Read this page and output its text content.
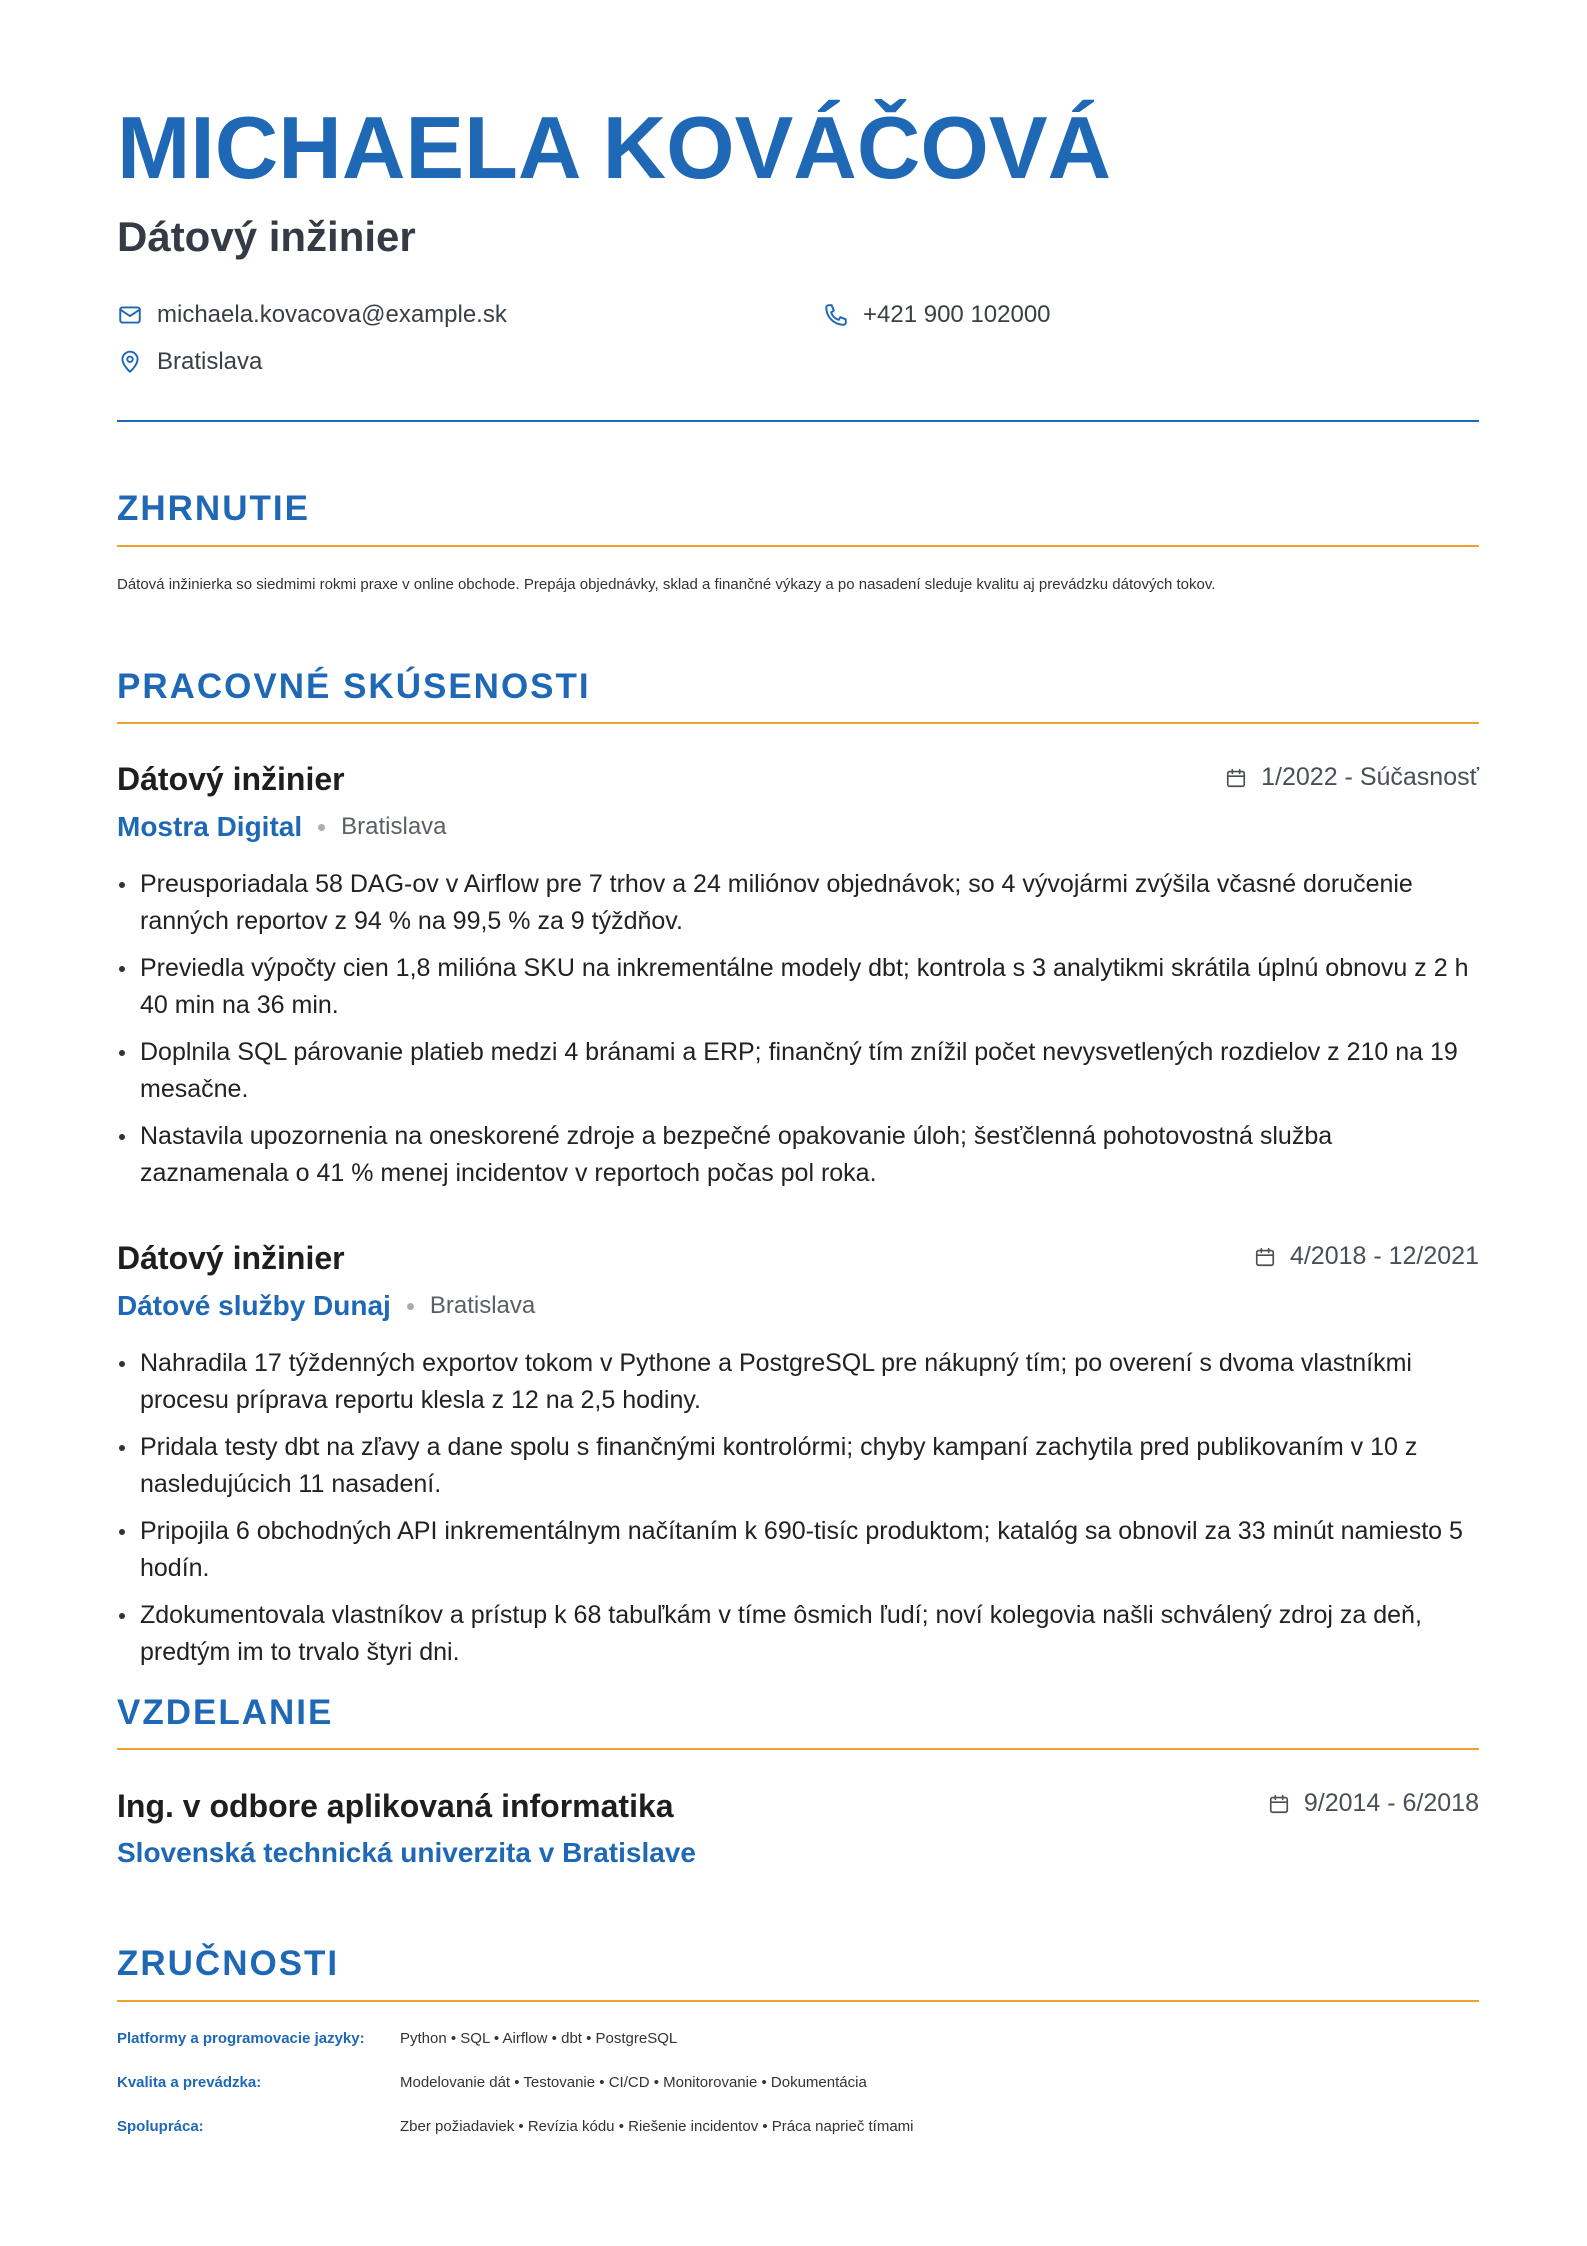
MICHAELA KOVÁČOVÁ
Dátový inžinier
michaela.kovacova@example.sk	+421 900 102000
Bratislava
ZHRNUTIE
Dátová inžinierka so siedmimi rokmi praxe v online obchode. Prepája objednávky, sklad a finančné výkazy a po nasadení sleduje kvalitu aj prevádzku dátových tokov.
PRACOVNÉ SKÚSENOSTI
Dátový inžinier	1/2022 - Súčasnosť
Mostra Digital Bratislava
Preusporiadala 58 DAG-ov v Airflow pre 7 trhov a 24 miliónov objednávok; so 4 vývojármi zvýšila včasné doručenie ranných reportov z 94 % na 99,5 % za 9 týždňov.
Previedla výpočty cien 1,8 milióna SKU na inkrementálne modely dbt; kontrola s 3 analytikmi skrátila úplnú obnovu z 2 h 40 min na 36 min.
Doplnila SQL párovanie platieb medzi 4 bránami a ERP; finančný tím znížil počet nevysvetlených rozdielov z 210 na 19 mesačne.
Nastavila upozornenia na oneskorené zdroje a bezpečné opakovanie úloh; šesťčlenná pohotovostná služba zaznamenala o 41 % menej incidentov v reportoch počas pol roka.
Dátový inžinier	4/2018 - 12/2021
Dátové služby Dunaj Bratislava
Nahradila 17 týždenných exportov tokom v Pythone a PostgreSQL pre nákupný tím; po overení s dvoma vlastníkmi procesu príprava reportu klesla z 12 na 2,5 hodiny.
Pridala testy dbt na zľavy a dane spolu s finančnými kontrolórmi; chyby kampaní zachytila pred publikovaním v 10 z nasledujúcich 11 nasadení.
Pripojila 6 obchodných API inkrementálnym načítaním k 690-tisíc produktom; katalóg sa obnovil za 33 minút namiesto 5 hodín.
Zdokumentovala vlastníkov a prístup k 68 tabuľkám v tíme ôsmich ľudí; noví kolegovia našli schválený zdroj za deň, predtým im to trvalo štyri dni.
VZDELANIE
Ing. v odbore aplikovaná informatika	9/2014 - 6/2018
Slovenská technická univerzita v Bratislave
ZRUČNOSTI
Platformy a programovacie jazyky: Python • SQL • Airflow • dbt • PostgreSQL
Kvalita a prevádzka:	Modelovanie dát • Testovanie • CI/CD • Monitorovanie • Dokumentácia
Spolupráca:	Zber požiadaviek • Revízia kódu • Riešenie incidentov • Práca naprieč tímami
